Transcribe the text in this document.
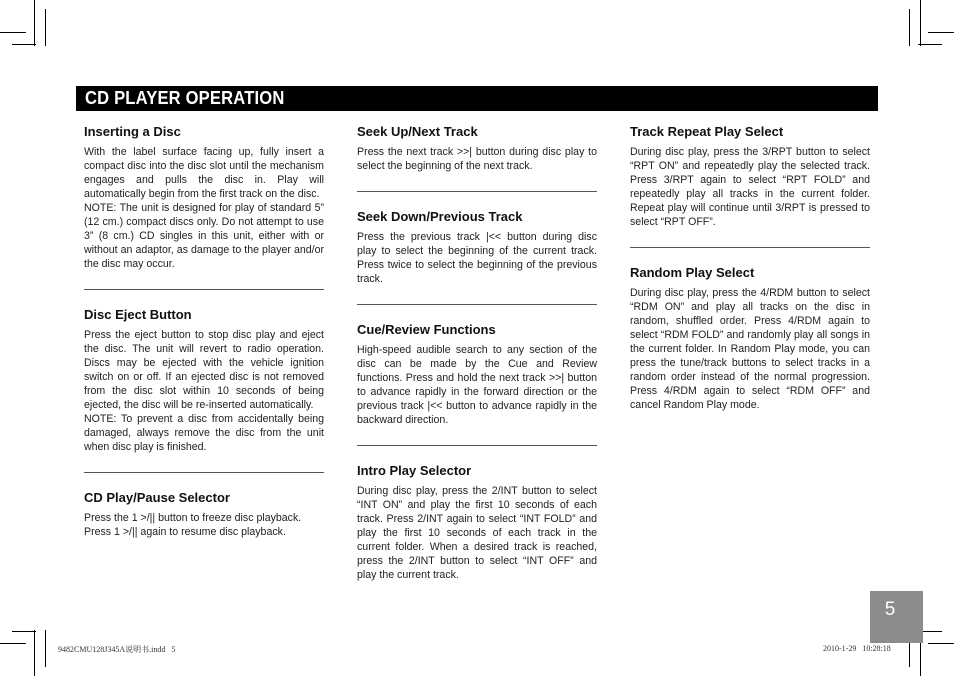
CD PLAYER OPERATION
Inserting a Disc

With the label surface facing up, fully insert a compact disc into the disc slot until the mechanism engages and pulls the disc in. Play will automatically begin from the first track on the disc.

NOTE: The unit is designed for play of standard 5” (12 cm.) compact discs only. Do not attempt to use 3” (8 cm.) CD singles in this unit, either with or without an adaptor, as damage to the player and/or the disc may occur.

Disc Eject Button

Press the eject button to stop disc play and eject the disc. The unit will revert to radio operation. Discs may be ejected with the vehicle ignition switch on or off. If an ejected disc is not removed from the disc slot within 10 seconds of being ejected, the disc will be re-inserted automatically.

NOTE: To prevent a disc from accidentally being damaged, always remove the disc from the unit when disc play is finished.

CD Play/Pause Selector

Press the 1 >/|| button to freeze disc playback. Press 1 >/|| again to resume disc playback.

Seek Up/Next Track

Press the next track >>| button during disc play to select the beginning of the next track.

Seek Down/Previous Track

Press the previous track |<< button during disc play to select the beginning of the current track. Press twice to select the beginning of the previous track.

Cue/Review Functions

High-speed audible search to any section of the disc can be made by the Cue and Review functions. Press and hold the next track >>| button to advance rapidly in the forward direction or the previous track |<< button to advance rapidly in the backward direction.

Intro Play Selector

During disc play, press the 2/INT button to select “INT ON” and play the first 10 seconds of each track. Press 2/INT again to select “INT FOLD” and play the first 10 seconds of each track in the current folder. When a desired track is reached, press the 2/INT button to select “INT OFF” and play the current track.

Track Repeat Play Select

During disc play, press the 3/RPT button to select “RPT ON” and repeatedly play the selected track. Press 3/RPT again to select “RPT FOLD” and repeatedly play all tracks in the current folder. Repeat play will continue until 3/RPT is pressed to select “RPT OFF”.

Random Play Select

During disc play, press the 4/RDM button to select “RDM ON” and play all tracks on the disc in random, shuffled order. Press 4/RDM again to select “RDM FOLD” and randomly play all songs in the current folder. In Random Play mode, you can press the tune/track buttons to select tracks in a random order instead of the normal progression. Press 4/RDM again to select “RDM OFF” and cancel Random Play mode.

5
9482CMU128J345A说明书.indd   5	2010-1-29   10:28:18
